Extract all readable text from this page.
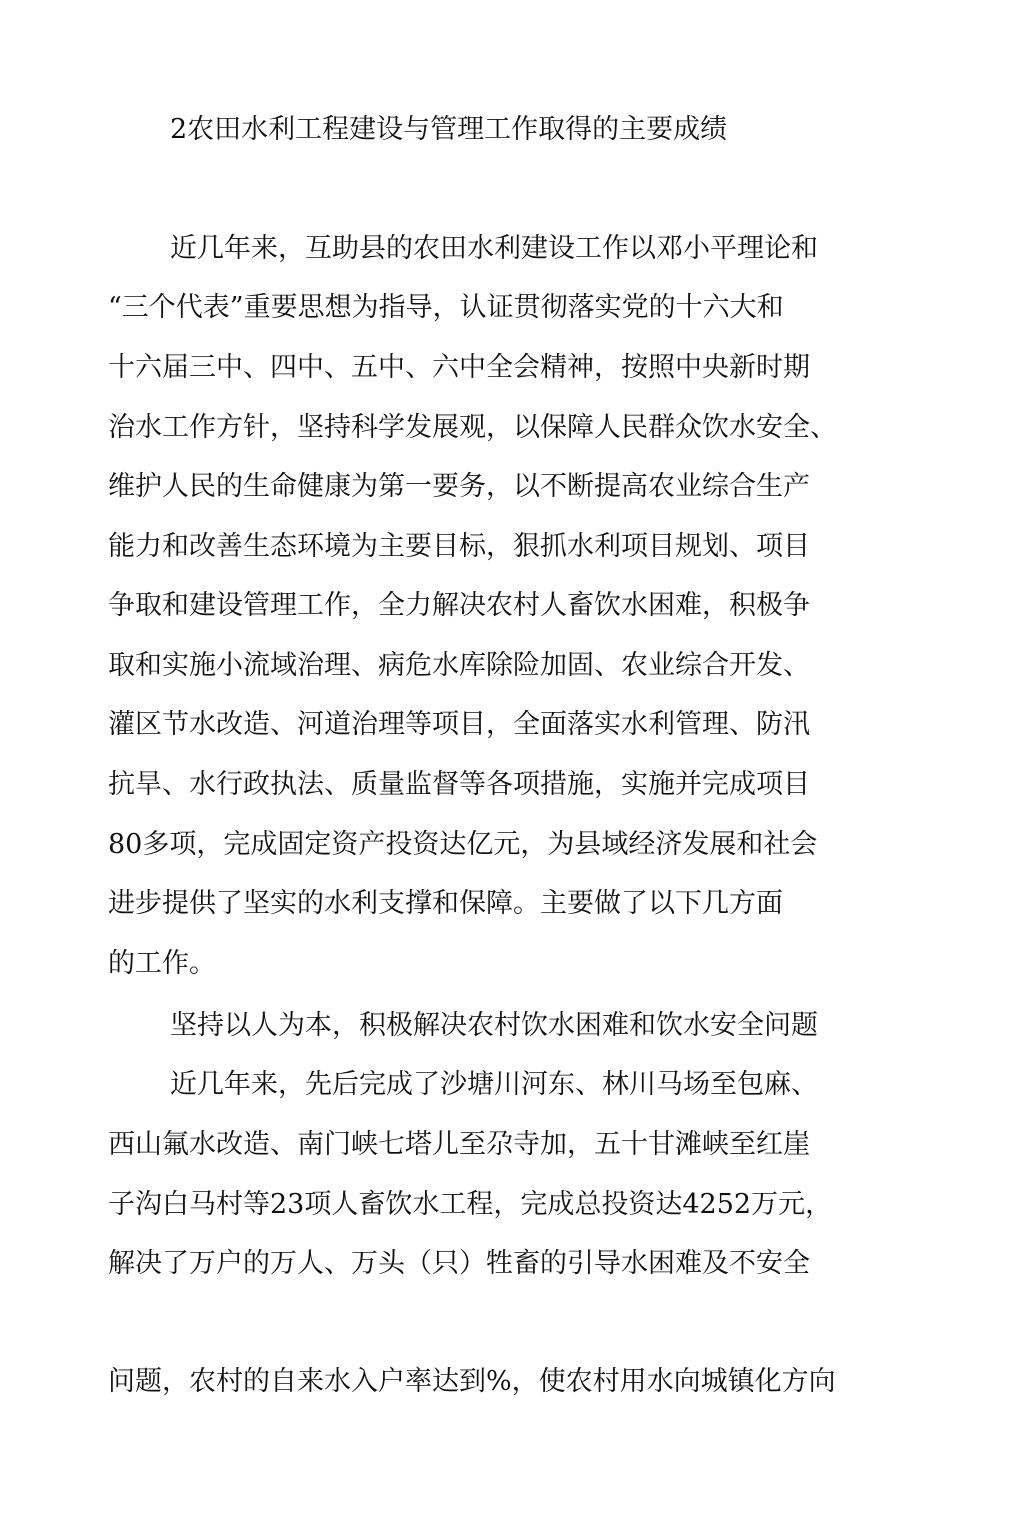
2农田水利工程建设与管理工作取得的主要成绩
近几年来，互助县的农田水利建设工作以邓小平理论和
“三个代表”重要思想为指导，认证贯彻落实党的十六大和
十六届三中、四中、五中、六中全会精神，按照中央新时期
治水工作方针，坚持科学发展观，以保障人民群众饮水安全、
维护人民的生命健康为第一要务，以不断提高农业综合生产
能力和改善生态环境为主要目标，狠抓水利项目规划、项目
争取和建设管理工作，全力解决农村人畜饮水困难，积极争
取和实施小流域治理、病危水库除险加固、农业综合开发、
灌区节水改造、河道治理等项目，全面落实水利管理、防汛
抗旱、水行政执法、质量监督等各项措施，实施并完成项目
80多项，完成固定资产投资达亿元，为县域经济发展和社会
进步提供了坚实的水利支撑和保障。主要做了以下几方面
的工作。
坚持以人为本，积极解决农村饮水困难和饮水安全问题
近几年来，先后完成了沙塘川河东、林川马场至包麻、
西山氟水改造、南门峡七塔儿至尕寺加，五十甘滩峡至红崖
子沟白马村等23项人畜饮水工程，完成总投资达4252万元，
解决了万户的万人、万头（只）牲畜的引导水困难及不安全
问题，农村的自来水入户率达到%，使农村用水向城镇化方向
